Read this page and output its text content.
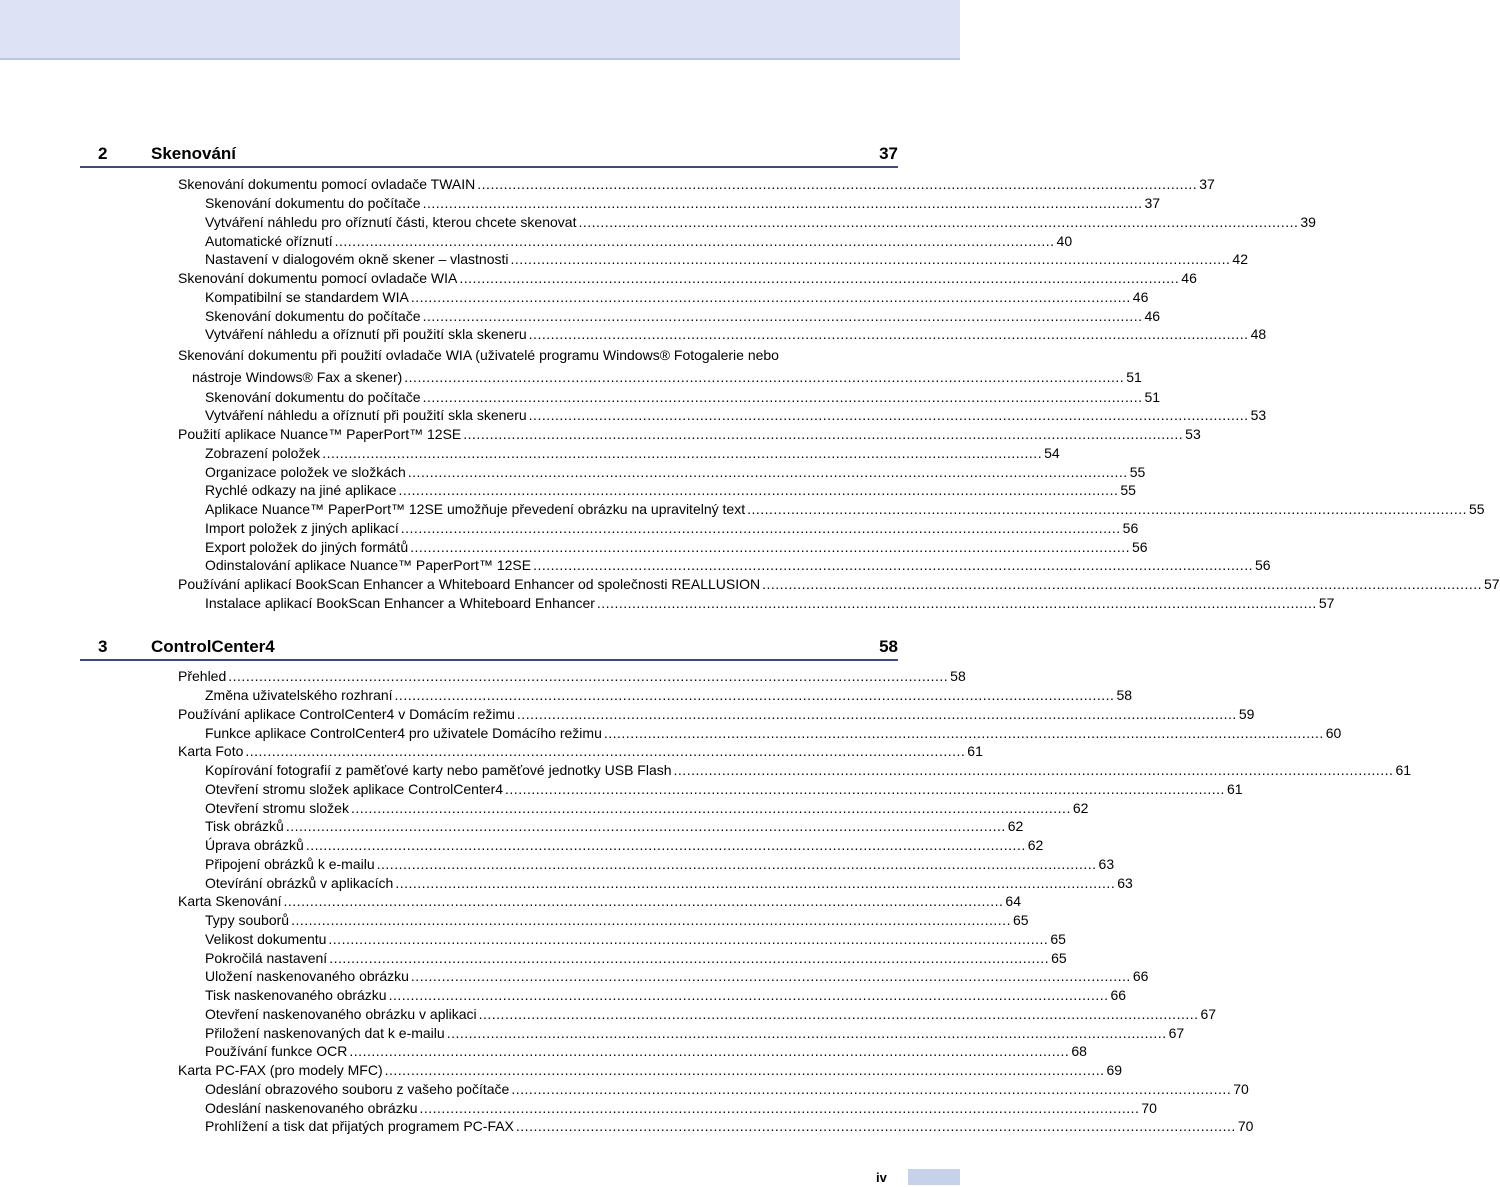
2	Skenování	37
Skenování dokumentu pomocí ovladače TWAIN .................................................................................................................................................................... 37
Skenování dokumentu do počítače .................................................................................................................................................................... 37
Vytváření náhledu pro oříznutí části, kterou chcete skenovat .................................................................................................................................................................... 39
Automatické oříznutí .................................................................................................................................................................... 40
Nastavení v dialogovém okně skener – vlastnosti .................................................................................................................................................................... 42
Skenování dokumentu pomocí ovladače WIA .................................................................................................................................................................... 46
Kompatibilní se standardem WIA .................................................................................................................................................................... 46
Skenování dokumentu do počítače .................................................................................................................................................................... 46
Vytváření náhledu a oříznutí při použití skla skeneru .................................................................................................................................................................... 48
Skenování dokumentu při použití ovladače WIA (uživatelé programu Windows® Fotogalerie nebo
nástroje Windows® Fax a skener) .................................................................................................................................................................... 51
Skenování dokumentu do počítače .................................................................................................................................................................... 51
Vytváření náhledu a oříznutí při použití skla skeneru .................................................................................................................................................................... 53
Použití aplikace Nuance™ PaperPort™ 12SE .................................................................................................................................................................... 53
Zobrazení položek .................................................................................................................................................................... 54
Organizace položek ve složkách .................................................................................................................................................................... 55
Rychlé odkazy na jiné aplikace .................................................................................................................................................................... 55
Aplikace Nuance™ PaperPort™ 12SE umožňuje převedení obrázku na upravitelný text .................................................................................................................................................................... 55
Import položek z jiných aplikací .................................................................................................................................................................... 56
Export položek do jiných formátů .................................................................................................................................................................... 56
Odinstalování aplikace Nuance™ PaperPort™ 12SE .................................................................................................................................................................... 56
Používání aplikací BookScan Enhancer a Whiteboard Enhancer od společnosti REALLUSION .................................................................................................................................................................... 57
Instalace aplikací BookScan Enhancer a Whiteboard Enhancer .................................................................................................................................................................... 57
3	ControlCenter4	58
Přehled .................................................................................................................................................................... 58
Změna uživatelského rozhraní .................................................................................................................................................................... 58
Používání aplikace ControlCenter4 v Domácím režimu .................................................................................................................................................................... 59
Funkce aplikace ControlCenter4 pro uživatele Domácího režimu .................................................................................................................................................................... 60
Karta Foto .................................................................................................................................................................... 61
Kopírování fotografií z paměťové karty nebo paměťové jednotky USB Flash .................................................................................................................................................................... 61
Otevření stromu složek aplikace ControlCenter4 .................................................................................................................................................................... 61
Otevření stromu složek .................................................................................................................................................................... 62
Tisk obrázků .................................................................................................................................................................... 62
Úprava obrázků .................................................................................................................................................................... 62
Připojení obrázků k e-mailu .................................................................................................................................................................... 63
Otevírání obrázků v aplikacích .................................................................................................................................................................... 63
Karta Skenování .................................................................................................................................................................... 64
Typy souborů .................................................................................................................................................................... 65
Velikost dokumentu .................................................................................................................................................................... 65
Pokročilá nastavení .................................................................................................................................................................... 65
Uložení naskenovaného obrázku .................................................................................................................................................................... 66
Tisk naskenovaného obrázku .................................................................................................................................................................... 66
Otevření naskenovaného obrázku v aplikaci .................................................................................................................................................................... 67
Přiložení naskenovaných dat k e-mailu .................................................................................................................................................................... 67
Používání funkce OCR .................................................................................................................................................................... 68
Karta PC-FAX (pro modely MFC) .................................................................................................................................................................... 69
Odeslání obrazového souboru z vašeho počítače .................................................................................................................................................................... 70
Odeslání naskenovaného obrázku .................................................................................................................................................................... 70
Prohlížení a tisk dat přijatých programem PC-FAX .................................................................................................................................................................... 70
iv
